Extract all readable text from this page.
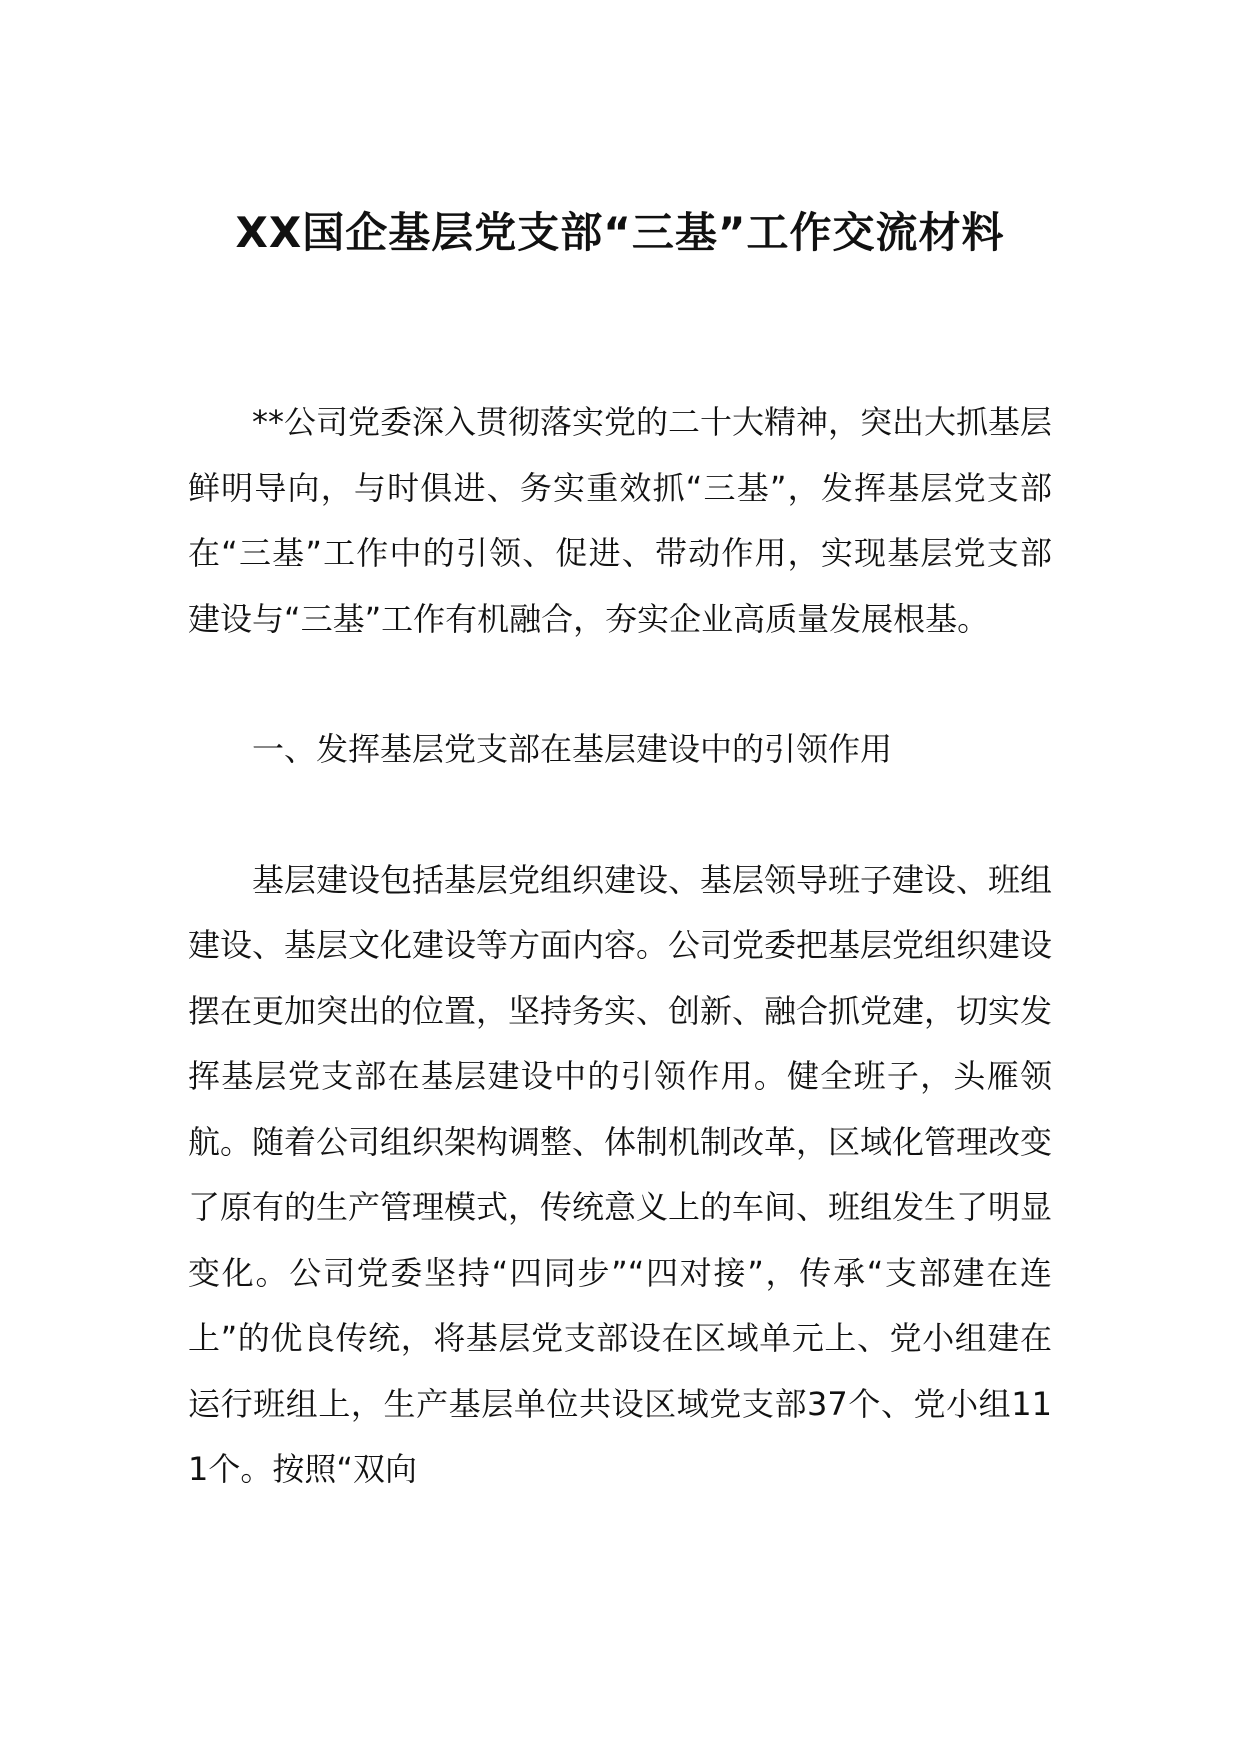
XX国企基层党支部“三基”工作交流材料

**公司党委深入贯彻落实党的二十大精神，突出大抓基层鲜明导向，与时俱进、务实重效抓“三基”，发挥基层党支部在“三基”工作中的引领、促进、带动作用，实现基层党支部建设与“三基”工作有机融合，夯实企业高质量发展根基。

一、发挥基层党支部在基层建设中的引领作用

基层建设包括基层党组织建设、基层领导班子建设、班组建设、基层文化建设等方面内容。公司党委把基层党组织建设摆在更加突出的位置，坚持务实、创新、融合抓党建，切实发挥基层党支部在基层建设中的引领作用。健全班子，头雁领航。随着公司组织架构调整、体制机制改革，区域化管理改变了原有的生产管理模式，传统意义上的车间、班组发生了明显变化。公司党委坚持“四同步”“四对接”，传承“支部建在连上”的优良传统，将基层党支部设在区域单元上、党小组建在运行班组上，生产基层单位共设区域党支部37个、党小组111个。按照“双向
